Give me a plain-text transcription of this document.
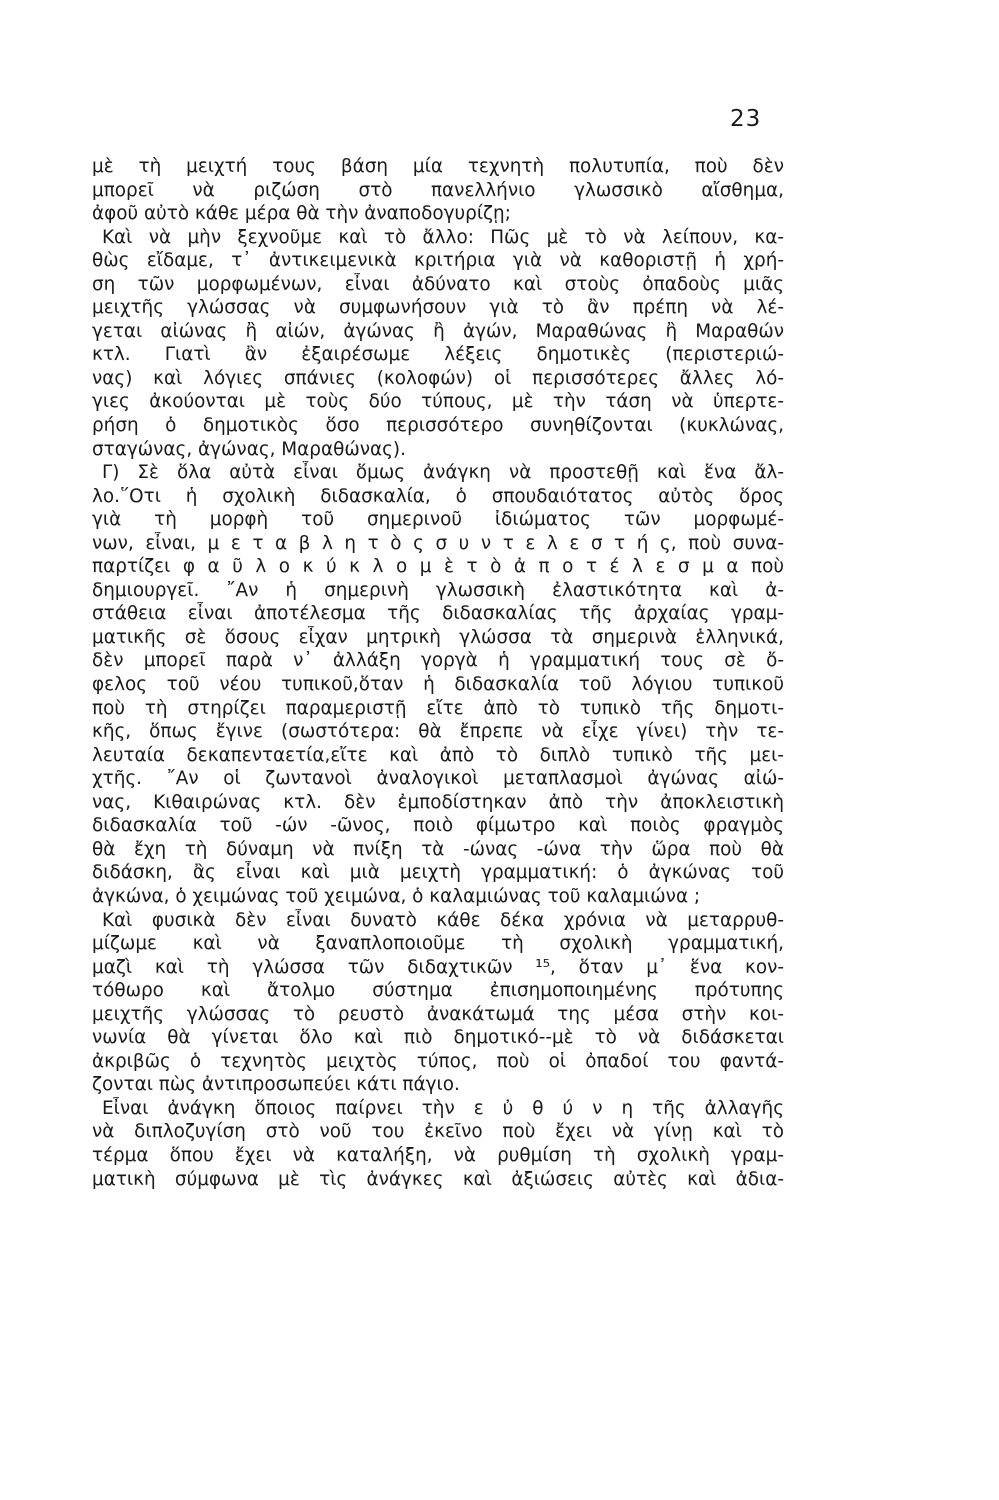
23
μὲ τὴ μειχτή τους βάση μία τεχνητὴ πολυτυπία, ποὺ δὲν
μπορεῖ νὰ ριζώση στὸ πανελλήνιο γλωσσικὸ αἴσθημα,
ἀφοῦ αὐτὸ κάθε μέρα θὰ τὴν ἀναποδογυρίζῃ;
Καὶ νὰ μὴν ξεχνοῦμε καὶ τὸ ἄλλο: Πῶς μὲ τὸ νὰ λείπουν, κα-
θὼς εἴδαμε, τ᾿ ἀντικειμενικὰ κριτήρια γιὰ νὰ καθοριστῇ ἡ χρή-
ση τῶν μορφωμένων, εἶναι ἀδύνατο καὶ στοὺς ὀπαδοὺς μιᾶς
μειχτῆς γλώσσας νὰ συμφωνήσουν γιὰ τὸ ἂν πρέπη νὰ λέ-
γεται αἰώνας ἢ αἰών, ἀγώνας ἢ ἀγών, Μαραθώνας ἢ Μαραθών
κτλ. Γιατὶ ἂν ἐξαιρέσωμε λέξεις δημοτικὲς (περιστεριώ-
νας) καὶ λόγιες σπάνιες (κολοφών) οἱ περισσότερες ἄλλες λό-
γιες ἀκούονται μὲ τοὺς δύο τύπους, μὲ τὴν τάση νὰ ὑπερτε-
ρήση ὁ δημοτικὸς ὅσο περισσότερο συνηθίζονται (κυκλώνας,
σταγώνας, ἀγώνας, Μαραθώνας).
Γ) Σὲ ὅλα αὐτὰ εἶναι ὅμως ἀνάγκη νὰ προστεθῇ καὶ ἕνα ἄλ-
λο.῞Οτι ἡ σχολικὴ διδασκαλία, ὁ σπουδαιότατος αὐτὸς ὅρος
γιὰ τὴ μορφὴ τοῦ σημερινοῦ ἰδιώματος τῶν μορφωμέ-
νων, εἶναι, μ ε τ α β λ η τ ὸ ς σ υ ν τ ε λ ε σ τ ή ς, ποὺ συνα-
παρτίζει φ α ῦ λ ο κ ύ κ λ ο μ ὲ τ ὸ ἀ π ο τ έ λ ε σ μ α ποὺ
δημιουργεῖ. ῎Αν ἡ σημερινὴ γλωσσικὴ ἐλαστικότητα καὶ ἀ-
στάθεια εἶναι ἀποτέλεσμα τῆς διδασκαλίας τῆς ἀρχαίας γραμ-
ματικῆς σὲ ὅσους εἶχαν μητρικὴ γλώσσα τὰ σημερινὰ ἑλληνικά,
δὲν μπορεῖ παρὰ ν᾿ ἀλλάξη γοργὰ ἡ γραμματική τους σὲ ὄ-
φελος τοῦ νέου τυπικοῦ,ὅταν ἡ διδασκαλία τοῦ λόγιου τυπικοῦ
ποὺ τὴ στηρίζει παραμεριστῇ εἴτε ἀπὸ τὸ τυπικὸ τῆς δημοτι-
κῆς, ὅπως ἔγινε (σωστότερα: θὰ ἔπρεπε νὰ εἶχε γίνει) τὴν τε-
λευταία δεκαπενταετία,εἴτε καὶ ἀπὸ τὸ διπλὸ τυπικὸ τῆς μει-
χτῆς. ῎Αν οἱ ζωντανοὶ ἀναλογικοὶ μεταπλασμοὶ ἀγώνας αἰώ-
νας, Κιθαιρώνας κτλ. δὲν ἐμποδίστηκαν ἀπὸ τὴν ἀποκλειστικὴ
διδασκαλία τοῦ -ών -ῶνος, ποιὸ φίμωτρο καὶ ποιὸς φραγμὸς
θὰ ἔχη τὴ δύναμη νὰ πνίξη τὰ -ώνας -ώνα τὴν ὥρα ποὺ θὰ
διδάσκη, ἂς εἶναι καὶ μιὰ μειχτὴ γραμματική: ὁ ἀγκώνας τοῦ
ἀγκώνα, ὁ χειμώνας τοῦ χειμώνα, ὁ καλαμιώνας τοῦ καλαμιώνα ;
Καὶ φυσικὰ δὲν εἶναι δυνατὸ κάθε δέκα χρόνια νὰ μεταρρυθ-
μίζωμε καὶ νὰ ξαναπλοποιοῦμε τὴ σχολικὴ γραμματική,
μαζὶ καὶ τὴ γλώσσα τῶν διδαχτικῶν ¹⁵, ὅταν μ᾿ ἕνα κον-
τόθωρο καὶ ἄτολμο σύστημα ἐπισημοποιημένης πρότυπης
μειχτῆς γλώσσας τὸ ρευστὸ ἀνακάτωμά της μέσα στὴν κοι-
νωνία θὰ γίνεται ὅλο καὶ πιὸ δημοτικό--μὲ τὸ νὰ διδάσκεται
ἀκριβῶς ὁ τεχνητὸς μειχτὸς τύπος, ποὺ οἱ ὀπαδοί του φαντά-
ζονται πὼς ἀντιπροσωπεύει κάτι πάγιο.
Εἶναι ἀνάγκη ὅποιος παίρνει τὴν ε ὐ θ ύ ν η τῆς ἀλλαγῆς
νὰ διπλοζυγίση στὸ νοῦ του ἐκεῖνο ποὺ ἔχει νὰ γίνῃ καὶ τὸ
τέρμα ὅπου ἔχει νὰ καταλήξη, νὰ ρυθμίση τὴ σχολικὴ γραμ-
ματικὴ σύμφωνα μὲ τὶς ἀνάγκες καὶ ἀξιώσεις αὐτὲς καὶ ἀδια-
